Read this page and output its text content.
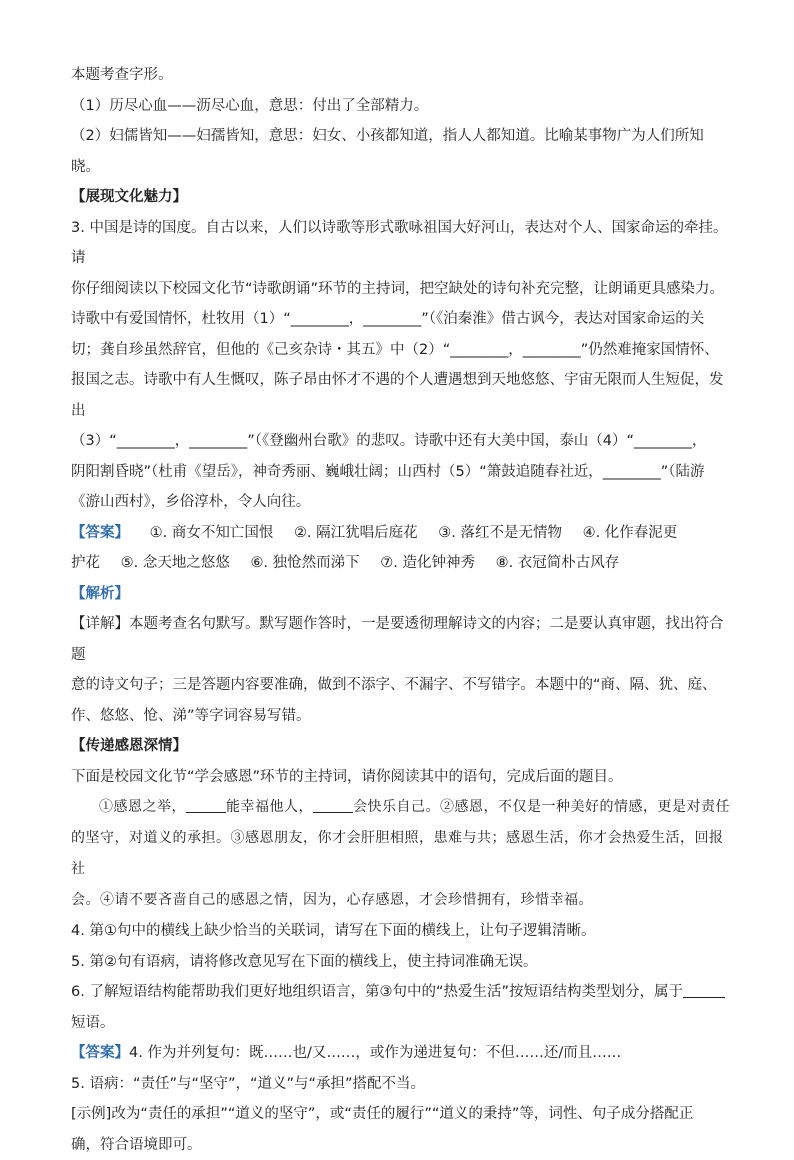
本题考查字形。

（1）历尽心血——沥尽心血，意思：付出了全部精力。

（2）妇儒皆知——妇孺皆知，意思：妇女、小孩都知道，指人人都知道。比喻某事物广为人们所知晓。

【展现文化魅力】

3. 中国是诗的国度。自古以来，人们以诗歌等形式歌咏祖国大好河山，表达对个人、国家命运的牵挂。请

你仔细阅读以下校园文化节“诗歌朗诵”环节的主持词，把空缺处的诗句补充完整，让朗诵更具感染力。

诗歌中有爱国情怀，杜牧用（1）“________，________”（《泊秦淮》借古讽今，表达对国家命运的关

切；龚自珍虽然辞官，但他的《己亥杂诗・其五》中（2）“________，________”仍然难掩家国情怀、

报国之志。诗歌中有人生慨叹，陈子昂由怀才不遇的个人遭遇想到天地悠悠、宇宙无限而人生短促，发出

（3）“________，________”（《登幽州台歌》的悲叹。诗歌中还有大美中国，泰山（4）“________，

阴阳割昏晓”（杜甫《望岳》，神奇秀丽、巍峨壮阔；山西村（5）“箫鼓追随春社近，________”（陆游

《游山西村》，乡俗淳朴，令人向往。

【答案】 ①. 商女不知亡国恨 ②. 隔江犹唱后庭花 ③. 落红不是无情物 ④. 化作春泥更

护花 ⑤. 念天地之悠悠 ⑥. 独怆然而涕下 ⑦. 造化钟神秀 ⑧. 衣冠简朴古风存

【解析】

【详解】本题考查名句默写。默写题作答时，一是要透彻理解诗文的内容；二是要认真审题，找出符合题

意的诗文句子；三是答题内容要准确，做到不添字、不漏字、不写错字。本题中的“商、隔、犹、庭、

作、悠悠、怆、涕”等字词容易写错。

【传递感恩深情】

下面是校园文化节“学会感恩”环节的主持词，请你阅读其中的语句，完成后面的题目。

①感恩之举，	能幸福他人，	会快乐自己。②感恩，不仅是一种美好的情感，更是对责任

的坚守，对道义的承担。③感恩朋友，你才会肝胆相照，患难与共；感恩生活，你才会热爱生活，回报社

会。④请不要吝啬自己的感恩之情，因为，心存感恩，才会珍惜拥有，珍惜幸福。

4. 第①句中的横线上缺少恰当的关联词，请写在下面的横线上，让句子逻辑清晰。

5. 第②句有语病，请将修改意见写在下面的横线上，使主持词准确无误。

6. 了解短语结构能帮助我们更好地组织语言，第③句中的“热爱生活”按短语结构类型划分，属于

短语。

【答案】4. 作为并列复句：既……也/又……，或作为递进复句：不但……还/而且……

5. 语病：“责任”与“坚守”，“道义”与“承担”搭配不当。

[示例]改为“责任的承担”“道义的坚守”，或“责任的履行”“道义的秉持”等，词性、句子成分搭配正

确，符合语境即可。
